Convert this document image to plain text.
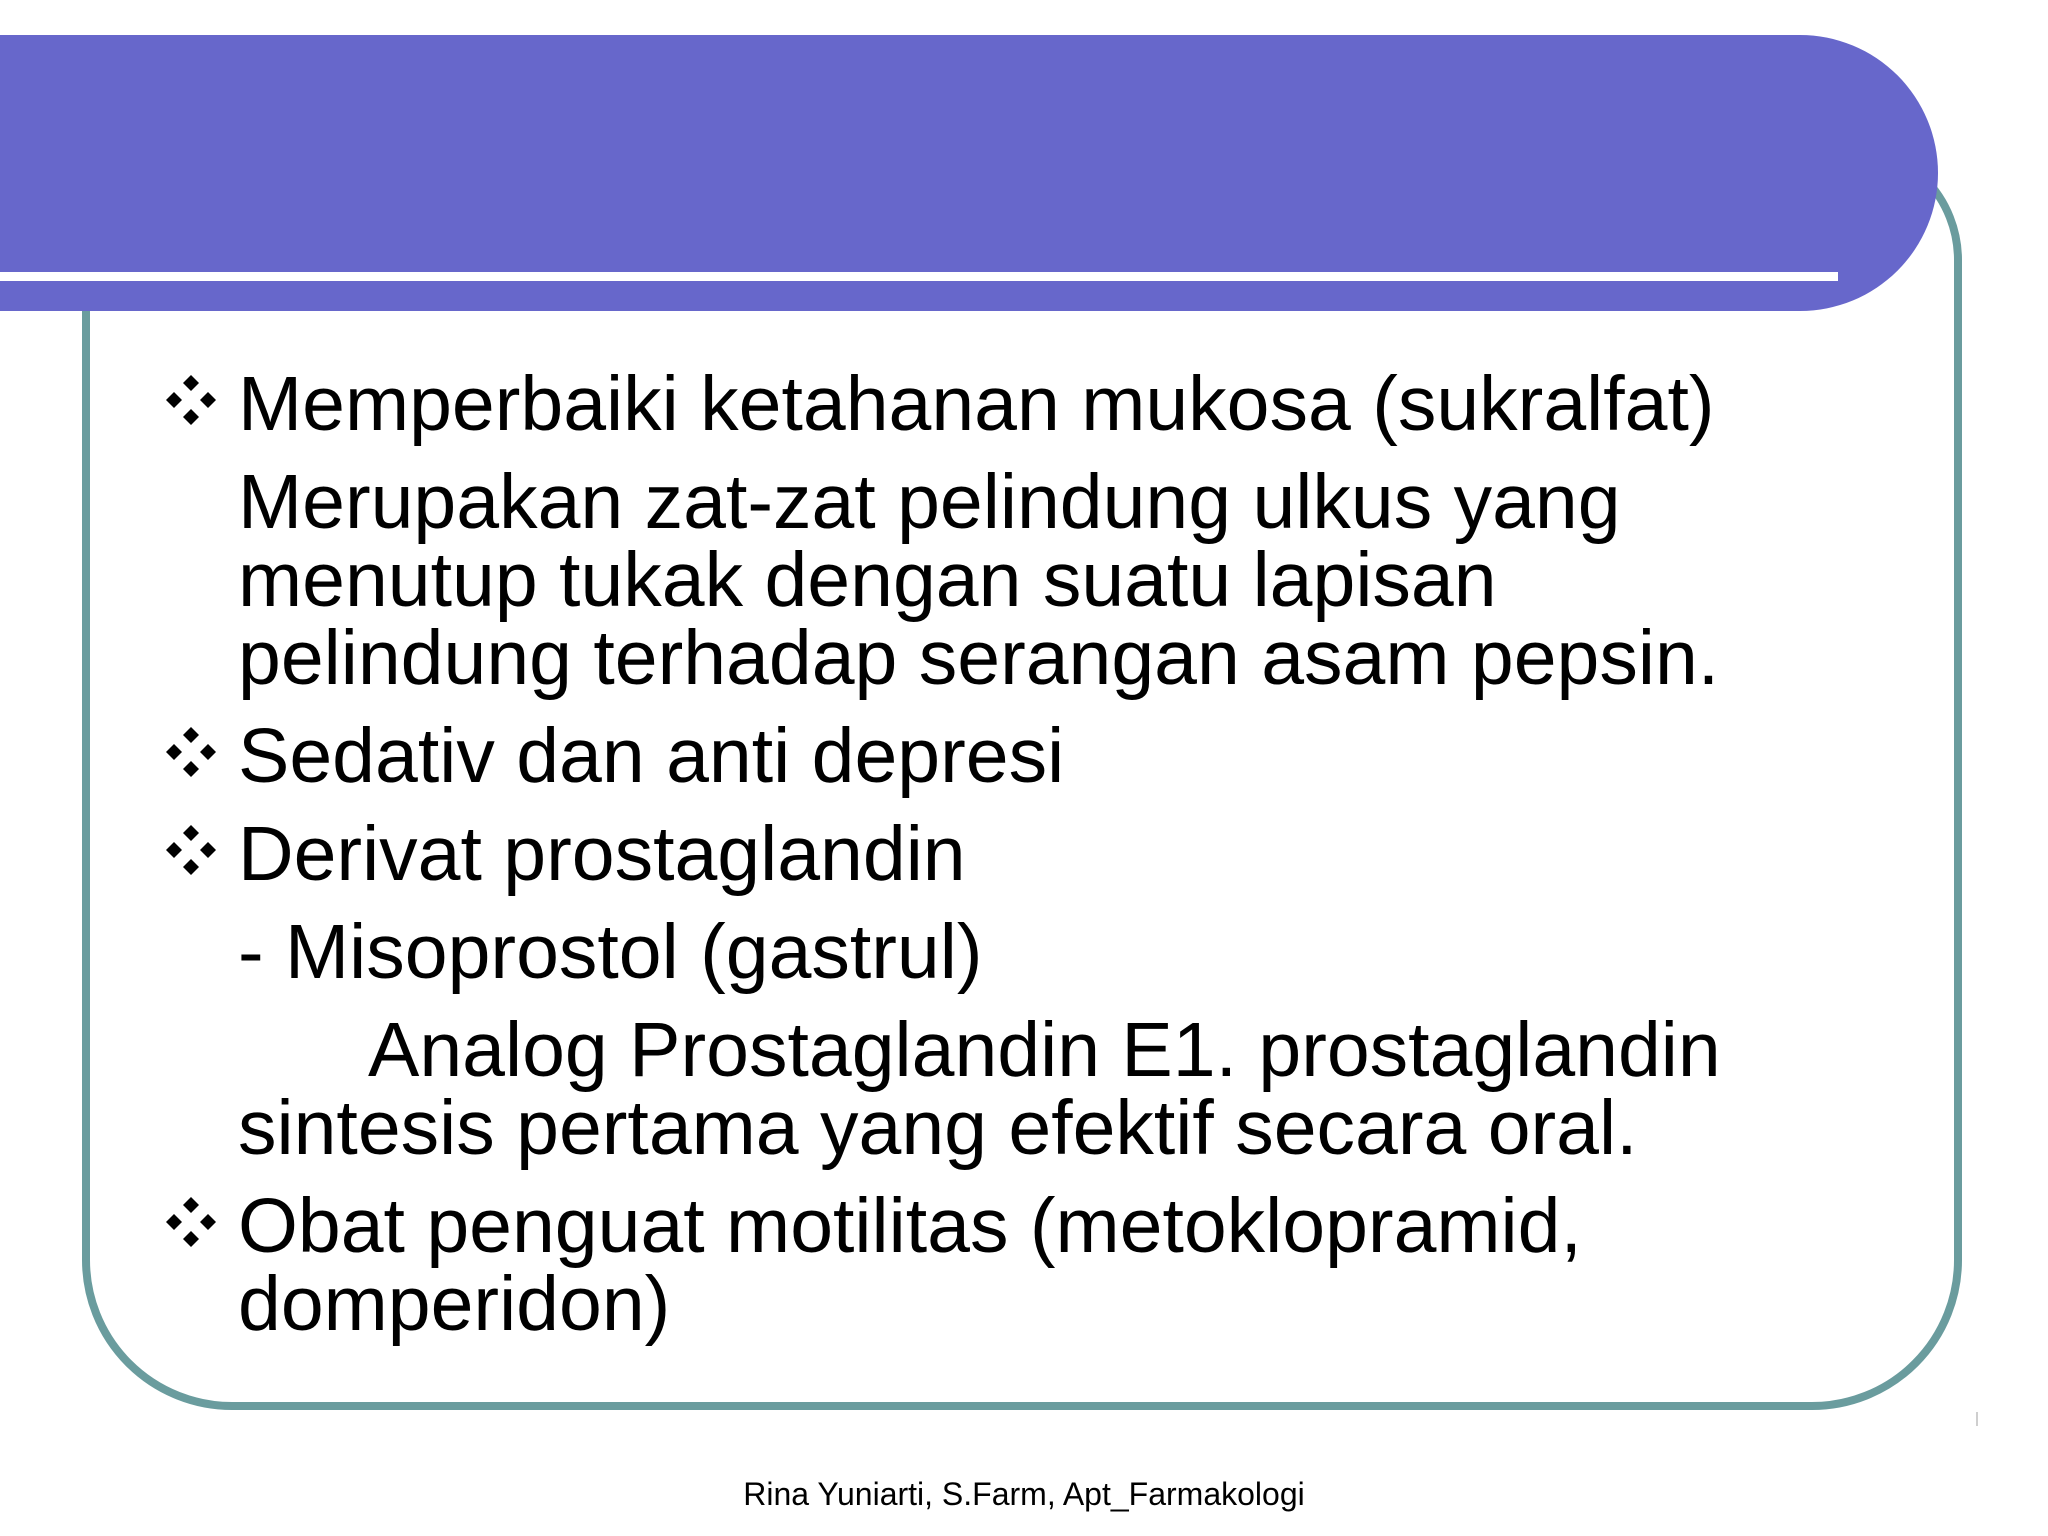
Memperbaiki ketahanan mukosa (sukralfat)
Merupakan zat-zat pelindung ulkus yang
menutup tukak dengan suatu lapisan
pelindung terhadap serangan asam pepsin.
Sedativ dan anti depresi
Derivat prostaglandin
- Misoprostol (gastrul)
Analog Prostaglandin E1. prostaglandin
sintesis pertama yang efektif secara oral.
Obat penguat motilitas (metoklopramid,
domperidon)
Rina Yuniarti, S.Farm, Apt_Farmakologi
